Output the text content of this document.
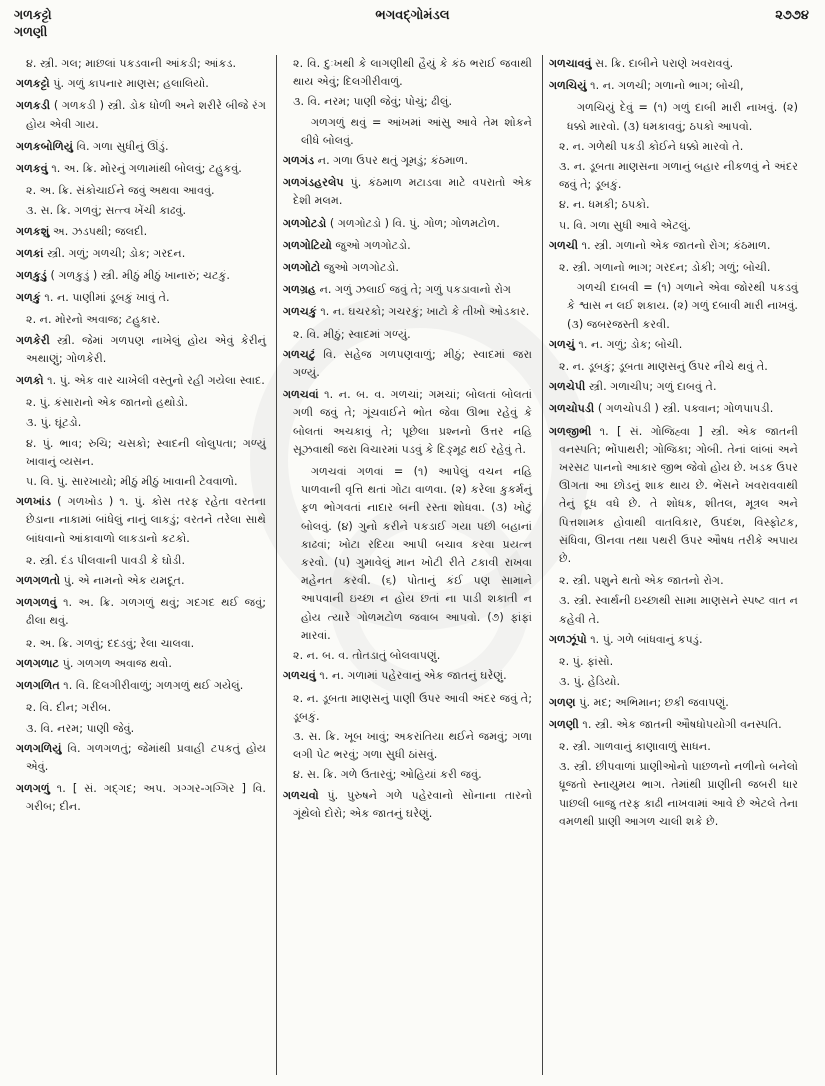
ગળકટ્ટો
ગળણી
ભગવદ્ગોમંડલ	૨૭૭૪
૪. સ્ત્રી. ગલ; માછલાં પકડવાની આંકડી; આંકડ.
ગળકટ્ટો પું. ગળું કાપનાર માણસ; હલાલિયો.
ગળકડી ( ગળકડી ) સ્ત્રી. ડોક ધોળી અને શરીરે બીજે રંગ હોય એવી ગાય.
ગળકબોળિયું વિ. ગળા સુધીનું ઊંડું.
ગળકવું ૧. અ. ક્રિ. મોરનું ગળામાંથી બોલવું; ટહુકવું.
૨. અ. ક્રિ. સંકોચાઈને જવું અથવા આવવું.
૩. સ. ક્રિ. ગળવું; સત્ત્વ ખેંચી કાઢવું.
ગળકશું અ. ઝડપથી; જલદી.
ગળકાં સ્ત્રી. ગળું; ગળચી; ડોક; ગરદન.
ગળકુડું ( ગળકુડું ) સ્ત્રી. મીઠું મીઠું ખાનારું; ચટકું.
ગળકું ૧. ન. પાણીમાં ડૂબકું ખાવું તે.
૨. ન. મોરનો અવાજ; ટહુકાર.
ગળકેરી સ્ત્રી. જેમાં ગળપણ નાખેલું હોય એવું કેરીનું અથાણું; ગોળકેરી.
ગળકો ૧. પું. એક વાર ચાખેલી વસ્તુનો રહી ગયેલા સ્વાદ.
૨. પું. કંસારાનો એક જાતનો હથોડો.
૩. પું. ઘૂંટડો.
૪. પું. ભાવ; રુચિ; ચસકો; સ્વાદની લોલુપતા; ગળ્યું ખાવાનું વ્યસન.
૫. વિ. પું. સારખાયો; મીઠું મીઠું ખાવાની ટેવવાળો.
ગળખાંડ ( ગળખોડ ) ૧. પું. કોસ તરફ રહેતા વરતના છેડાના નાકામાં બાંધેલું નાનું લાકડું; વરતને તરેલા સાથે બાંધવાનો આંકાવાળો લાકડાનો કટકો.
૨. સ્ત્રી. દંડ પીલવાની પાવડી કે ઘોડી.
ગળગળતો પું. એ નામનો એક યમદૂત.
ગળગળવું ૧. અ. ક્રિ. ગળગળું થવું; ગદગદ થઈ જવું; ઢીલા થવું.
૨. અ. ક્રિ. ગળવું; દદડવું; રેલા ચાલવા.
ગળગળાટ પું. ગળગળ અવાજ થવો.
ગળગળિત ૧. વિ. દિલગીરીવાળું; ગળગળું થઈ ગયેલું.
૨. વિ. દીન; ગરીબ.
૩. વિ. નરમ; પાણી જેવું.
ગળગળિયું વિ. ગળગળતું; જેમાંથી પ્રવાહી ટપકતું હોય એવું.
ગળગળું ૧. [ સં. ગદ્ગદ; અપ. ગગ્ગર-ગગ્ગિર ] વિ. ગરીબ; દીન.
૨. વિ. દુઃખથી કે લાગણીથી હૈયું કે કંઠ ભરાઈ જવાથી થાય એવું; દિલગીરીવાળું.
૩. વિ. નરમ; પાણી જેવું; પોચું; ઢીલું.
ગળગળું થવું = આંખમાં આંસુ આવે તેમ શોકને લીધે બોલવું.
ગળગંડ ન. ગળા ઉપર થતું ગૂમડું; કંઠમાળ.
ગળગંડહરલેપ પું. કંઠમાળ મટાડવા માટે વપરાતો એક દેશી મલમ.
ગળગોટડો ( ગળગોટડો ) વિ. પું. ગોળ; ગોળમટોળ.
ગળગોટિયો જુઓ ગળગોટડો.
ગળગોટો જુઓ ગળગોટડો.
ગળગ્રહ ન. ગળું ઝલાઈ જવું તે; ગળું પકડાવાનો રોગ
ગળચકું ૧. ન. ઘચરકો; ગચરકું; ખાટો કે તીખો ઓડકાર.
૨. વિ. મીઠું; સ્વાદમાં ગળ્યું.
ગળચટું વિ. સહેજ ગળપણવાળું; મીઠું; સ્વાદમાં જરા ગળ્યું.
ગળચવાં ૧. ન. બ. વ. ગળચાં; ગમચાં; બોલતાં બોલતાં ગળી જવું તે; ગૂંચવાઈને ભોત જેવા ઊભા રહેવું કે બોલતાં અચકાવું તે; પૂછેલા પ્રશ્નનો ઉત્તર નહિ સૂઝવાથી જરા વિચારમાં પડવું કે દિઙ્મૂઢ થઈ રહેવું તે.
ગળચવાં ગળવાં = (૧) આપેલું વચન નહિ પાળવાની વૃત્તિ થતાં ગોટા વાળવા. (૨) કરેલા કુકર્મનું ફળ ભોગવતાં નાદાર બની રસ્તા શોધવા. (૩) ખોટું બોલવું. (૪) ગુનો કરીને પકડાઈ ગયા પછી બહાનાં કાઢવાં; ખોટા રદિયા આપી બચાવ કરવા પ્રયત્ન કરવો. (૫) ગુમાવેલું માન ખોટી રીતે ટકાવી રાખવા મહેનત કરવી. (૬) પોતાનું કંઈ પણ સામાને આપવાની ઇચ્છા ન હોય છતાં ના પાડી શકાતી ન હોય ત્યારે ગોળમટોળ જવાબ આપવો. (૭) ફાંફાં મારવાં.
૨. ન. બ. વ. તોતડાતું બોલવાપણું.
ગળચવું ૧. ન. ગળામાં પહેરવાનું એક જાતનું ઘરેણું.
૨. ન. ડૂબતા માણસનું પાણી ઉપર આવી અંદર જવું તે; ડૂબકું.
૩. સ. ક્રિ. ખૂબ ખાવું; અકરાંતિયા થઈને જમવું; ગળા લગી પેટ ભરવું; ગળા સુધી ઠાંસવું.
૪. સ. ક્રિ. ગળે ઉતારવું; ઓહિયાં કરી જવું.
ગળચવો પું. પુરુષને ગળે પહેરવાનો સોનાના તારનો ગૂંથેલો દોરો; એક જાતનું ઘરેણું.
ગળચાવવું સ. ક્રિ. દાબીને પરાણે ખવરાવવું.
ગળચિયું ૧. ન. ગળચી; ગળાનો ભાગ; બોચી,
ગળચિયું દેવું = (૧) ગળું દાબી મારી નાખવું. (૨) ધક્કો મારવો. (૩) ધમકાવવું; ઠપકો આપવો.
૨. ન. ગળેથી પકડી કોઈને ધક્કો મારવો તે.
૩. ન. ડૂબતા માણસના ગળાનું બહાર નીકળવું ને અંદર જવું તે; ડૂબકું.
૪. ન. ધમકી; ઠપકો.
૫. વિ. ગળા સુધી આવે એટલું.
ગળચી ૧. સ્ત્રી. ગળાનો એક જાતનો રોગ; કંઠમાળ.
૨. સ્ત્રી. ગળાનો ભાગ; ગરદન; ડોકી; ગળું; બોચી.
ગળચી દાબવી = (૧) ગળાને એવા જોરથી પકડવું કે શ્વાસ ન લઈ શકાય. (૨) ગળું દબાવી મારી નાખવું. (૩) જબરજસ્તી કરવી.
ગળચું ૧. ન. ગળું; ડોક; બોચી.
૨. ન. ડૂબકું; ડૂબતા માણસનું ઉપર નીચે થવું તે.
ગળચેપી સ્ત્રી. ગળાચીપ; ગળું દાબવું તે.
ગળચોપડી ( ગળચોપડી ) સ્ત્રી. પક્વાન; ગોળપાપડી.
ગળજીભી ૧. [ સં. ગોજિહ્વા ] સ્ત્રી. એક જાતની વનસ્પતિ; ભોંપાથરી; ગોજિકા; ગોબી. તેનાં લાંબાં અને ખરસટ પાનનો આકાર જીભ જેવો હોય છે. ખડક ઉપર ઊગતા આ છોડનું શાક થાય છે. ભેંસને ખવરાવવાથી તેનું દૂધ વધે છે. તે શોધક, શીતલ, મૂત્રલ અને પિત્તશામક હોવાથી વાતવિકાર, ઉપદંશ, વિસ્ફોટક, સંધિવા, ઊનવા તથા પથરી ઉપર ઔષધ તરીકે અપાય છે.
૨. સ્ત્રી. પશુને થતો એક જાતનો રોગ.
૩. સ્ત્રી. સ્વાર્થની ઇચ્છાથી સામા માણસને સ્પષ્ટ વાત ન કહેવી તે.
ગળઝૂંપો ૧. પું. ગળે બાંધવાનું કપડું.
૨. પું. ફાંસો.
૩. પું. હેડિયો.
ગળણ પું. મદ; અભિમાન; છકી જવાપણું.
ગળણી ૧. સ્ત્રી. એક જાતની ઔષધોપયોગી વનસ્પતિ.
૨. સ્ત્રી. ગાળવાનું કાણાવાળું સાધન.
૩. સ્ત્રી. છીપવાળાં પ્રાણીઓનો પાછળનો નળીનો બનેલો ધ્રૂજતો સ્નાયુમય ભાગ. તેમાંથી પ્રાણીની જબરી ધાર પાછલી બાજુ તરફ કાઢી નાખવામાં આવે છે એટલે તેના વમળથી પ્રાણી આગળ ચાલી શકે છે.
